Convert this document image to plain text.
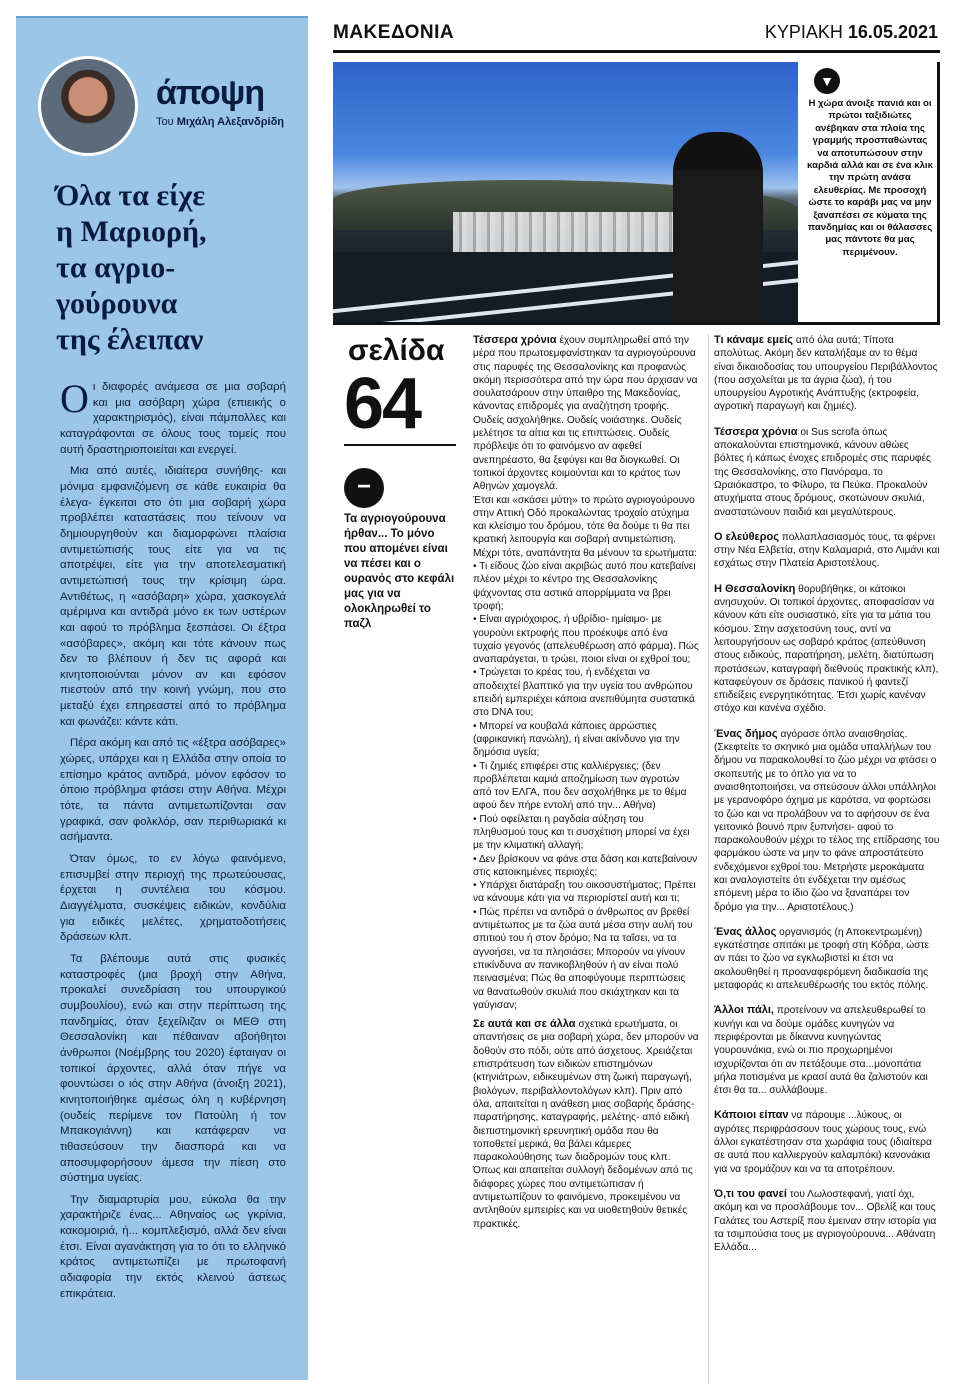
άποψη
Του Μιχάλη Αλεξανδρίδη
Όλα τα είχε
η Μαριορή,
τα αγριο-
γούρουνα
της έλειπαν

Οι διαφορές ανάμεσα σε μια σοβαρή και μια ασόβαρη χώρα (επιεικής ο χαρακτηρισμός), είναι πάμπολλες και καταγράφονται σε όλους τους τομείς που αυτή δραστηριοποιείται και ενεργεί.

Μια από αυτές, ιδιαίτερα συνήθης- και μόνιμα εμφανιζόμενη σε κάθε ευκαιρία θα έλεγα- έγκειται στο ότι μια σοβαρή χώρα προβλέπει καταστάσεις που τείνουν να δημιουργηθούν και διαμορφώνει πλαίσια αντιμετώπισής τους είτε για να τις αποτρέψει, είτε για την αποτελεσματική αντιμετώπισή τους την κρίσιμη ώρα. Αντιθέτως, η «ασόβαρη» χώρα, χασκογελά αμέριμνα και αντιδρά μόνο εκ των υστέρων και αφού το πρόβλημα ξεσπάσει. Οι έξτρα «ασόβαρες», ακόμη και τότε κάνουν πως δεν το βλέπουν ή δεν τις αφορά και κινητοποιούνται μόνον αν και εφόσον πιεστούν από την κοινή γνώμη, που στο μεταξύ έχει επηρεαστεί από το πρόβλημα και φωνάζει: κάντε κάτι.

Πέρα ακόμη και από τις «έξτρα ασόβαρες» χώρες, υπάρχει και η Ελλάδα στην οποία το επίσημο κράτος αντιδρά, μόνον εφόσον το όποιο πρόβλημα φτάσει στην Αθήνα. Μέχρι τότε, τα πάντα αντιμετωπίζονται σαν γραφικά, σαν φολκλόρ, σαν περιθωριακά κι ασήμαντα.

Όταν όμως, το εν λόγω φαινόμενο, επισυμβεί στην περιοχή της πρωτεύουσας, έρχεται η συντέλεια του κόσμου. Διαγγέλματα, συσκέψεις ειδικών, κονδύλια για ειδικές μελέτες, χρηματοδοτήσεις δράσεων κλπ.

Τα βλέπουμε αυτά στις φυσικές καταστροφές (μια βροχή στην Αθήνα, προκαλεί συνεδρίαση του υπουργικού συμβουλίου), ενώ και στην περίπτωση της πανδημίας, όταν ξεχείλιζαν οι ΜΕΘ στη Θεσσαλονίκη και πέθαιναν αβοήθητοι άνθρωποι (Νοέμβρης του 2020) έφταιγαν οι τοπικοί άρχοντες, αλλά όταν πήγε να φουντώσει ο ιός στην Αθήνα (άνοιξη 2021), κινητοποιήθηκε αμέσως όλη η κυβέρνηση (ουδείς περίμενε τον Πατούλη ή τον Μπακογιάννη) και κατάφεραν να τιθασεύσουν την διασπορά και να αποσυμφορήσουν άμεσα την πίεση στο σύστημα υγείας.

Την διαμαρτυρία μου, εύκολα θα την χαρακτήριζε ένας... Αθηναίος ως γκρίνια, κακομοιριά, ή... κομπλεξισμό, αλλά δεν είναι έτσι. Είναι αγανάκτηση για το ότι το ελληνικό κράτος αντιμετωπίζει με πρωτοφανή αδιαφορία την εκτός κλεινού άστεως επικράτεια.

ΜΑΚΕΔΟΝΙΑ	ΚΥΡΙΑΚΗ 16.05.2021
▼
Η χώρα άνοιξε πανιά και οι πρώτοι ταξιδιώτες ανέβηκαν στα πλοία της γραμμής προσπαθώντας να αποτυπώσουν στην καρδιά αλλά και σε ένα κλικ την πρώτη ανάσα ελευθερίας. Με προσοχή ώστε το καράβι μας να μην ξαναπέσει σε κύματα της πανδημίας και οι θάλασσες μας πάντοτε θα μας περιμένουν.
σελίδα
64
−
Τα αγριογούρουνα ήρθαν... Το μόνο που απομένει είναι να πέσει και ο ουρανός στο κεφάλι μας για να ολοκληρωθεί το παζλ

Τέσσερα χρόνια έχουν συμπληρωθεί από την μέρα που πρωτοεμφανίστηκαν τα αγριογούρουνα στις παρυφές της Θεσσαλονίκης και προφανώς ακόμη περισσότερα από την ώρα που άρχισαν να σουλατσάρουν στην ύπαιθρο της Μακεδονίας, κάνοντας επιδρομές για αναζήτηση τροφής.

Ουδείς ασχολήθηκε. Ουδείς νοιάστηκε. Ουδείς μελέτησε τα αίτια και τις επιπτώσεις. Ουδείς πρόβλεψε ότι το φαινόμενο αν αφεθεί ανεπηρέαστο, θα ξεφύγει και θα διογκωθεί. Οι τοπικοί άρχοντες κοιμούνται και το κράτος των Αθηνών χαμογελά.

Έτσι και «σκάσει μύτη» το πρώτο αγριογούρουνο στην Αττική Οδό προκαλώντας τροχαίο ατύχημα και κλείσιμο του δρόμου, τότε θα δούμε τι θα πει κρατική λειτουργία και σοβαρή αντιμετώπιση.

Μέχρι τότε, αναπάντητα θα μένουν τα ερωτήματα:

• Τι είδους ζώο είναι ακριβώς αυτό που κατεβαίνει πλέον μέχρι το κέντρο της Θεσσαλονίκης ψάχνοντας στα αστικά απορρίμματα να βρει τροφή;

• Είναι αγριόχοιρος, ή υβρίδιο- ημίαιμο- με γουρούνι εκτροφής που προέκυψε από ένα τυχαίο γεγονός (απελευθέρωση από φάρμα). Πώς αναπαράγεται, τι τρώει, ποιοι είναι οι εχθροί του;

• Τρώγεται το κρέας του, ή ενδέχεται να αποδειχτεί βλαπτικό για την υγεία του ανθρώπου επειδή εμπεριέχει κάποια ανεπιθύμητα συστατικά στο DNA του;

• Μπορεί να κουβαλά κάποιες αρρώστιες (αφρικανική πανώλη), ή είναι ακίνδυνο για την δημόσια υγεία;

• Τι ζημιές επιφέρει στις καλλιέργειες; (δεν προβλέπεται καμιά αποζημίωση των αγροτών από τον ΕΛΓΑ, που δεν ασχολήθηκε με το θέμα αφού δεν πήρε εντολή από την... Αθήνα)

• Πού οφείλεται η ραγδαία αύξηση του πληθυσμού τους και τι συσχέτιση μπορεί να έχει με την κλιματική αλλαγή;

• Δεν βρίσκουν να φάνε στα δάση και κατεβαίνουν στις κατοικημένες περιοχές;

• Υπάρχει διατάραξη του οικοσυστήματος; Πρέπει να κάνουμε κάτι για να περιορίστεί αυτή και τι;

• Πώς πρέπει να αντιδρά ο άνθρωπος αν βρεθεί αντιμέτωπος με τα ζώα αυτά μέσα στην αυλή του σπιτιού του ή στον δρόμο; Να τα ταΐσει, να τα αγνοήσει, να τα πλησιάσει; Μπορούν να γίνουν επικίνδυνα αν πανικοβληθούν ή αν είναι πολύ πεινασμένα; Πώς θα αποφύγουμε περιπτώσεις να θανατωθούν σκυλιά που σκιάχτηκαν και τα γαύγισαν;

Σε αυτά και σε άλλα σχετικά ερωτήματα, οι απαντήσεις σε μια σοβαρή χώρα, δεν μπορούν να δοθούν στο πόδι, ούτε από άσχετους. Χρειάζεται επιστράτευση των ειδικών επιστημόνων (κτηνιάτρων, ειδικευμένων στη ζωική παραγωγή, βιολόγων, περιβαλλοντολόγων κλπ). Πριν από όλα, απαιτείται η ανάθεση μιας σοβαρής δράσης- παρατήρησης, καταγραφής, μελέτης- από ειδική διεπιστημονική ερευνητική ομάδα που θα τοποθετεί μερικά, θα βάλει κάμερες παρακολούθησης των διαδρομών τους κλπ. Όπως και απαιτείται συλλογή δεδομένων από τις διάφορες χώρες που αντιμετώπισαν ή αντιμετωπίζουν το φαινόμενο, προκειμένου να αντληθούν εμπειρίες και να υιοθετηθούν θετικές πρακτικές.

Τι κάναμε εμείς από όλα αυτά; Τίποτα απολύτως. Ακόμη δεν καταλήξαμε αν το θέμα είναι δικαιοδοσίας του υπουργείου Περιβάλλοντος (που ασχολείται με τα άγρια ζώα), ή του υπουργείου Αγροτικής Ανάπτυξης (εκτροφεία, αγροτική παραγωγή και ζημιές).

Τέσσερα χρόνια οι Sus scrofa όπως αποκαλούνται επιστημονικά, κάνουν αθώες βόλτες ή κάπως ένοχες επιδρομές στις παρυφές της Θεσσαλονίκης, στο Πανόραμα, το Ωραιόκαστρο, το Φίλυρο, τα Πεύκα. Προκαλούν ατυχήματα στους δρόμους, σκοτώνουν σκυλιά, αναστατώνουν παιδιά και μεγαλύτερους.

Ο ελεύθερος πολλαπλασιασμός τους, τα φέρνει στην Νέα Ελβετία, στην Καλαμαριά, στο Λιμάνι και εσχάτως στην Πλατεία Αριστοτέλους.

Η Θεσσαλονίκη θορυβήθηκε, οι κάτοικοι ανησυχούν. Οι τοπικοί άρχοντες, αποφασίσαν να κάνουν κάτι είτε ουσιαστικό, είτε για τα μάτια του κόσμου. Στην ασχετοσύνη τους, αντί να λειτουργήσουν ως σοβαρό κράτος (απεύθυνση στους ειδικούς, παρατήρηση, μελέτη, διατύπωση προτάσεων, καταγραφή διεθνούς πρακτικής κλπ), καταφεύγουν σε δράσεις πανικού ή φαντεζί επιδείξεις ενεργητικότητας. Έτσι χωρίς κανέναν στόχο και κανένα σχέδιο.

Ένας δήμος αγόρασε όπλο αναισθησίας. (Σκεφτείτε το σκηνικό μια ομάδα υπαλλήλων του δήμου να παρακολουθεί το ζώο μέχρι να φτάσει ο σκοπευτής με το όπλο για να το αναισθητοποιήσει, να σπεύσουν άλλοι υπάλληλοι με γερανοφόρο όχημα με καρότσα, να φορτώσει το ζώο και να προλάβουν να το αφήσουν σε ένα γειτονικό βουνό πριν ξυπνήσει- αφού το παρακολουθούν μέχρι το τέλος της επίδρασης του φαρμάκου ώστε να μην το φάνε απροστάτευτο ενδεχόμενοι εχθροί του. Μετρήστε μεροκάματα και αναλογιστείτε ότι ενδέχεται την αμέσως επόμενη μέρα το ίδιο ζώο να ξαναπάρει τον δρόμο για την... Αριστοτέλους.)

Ένας άλλος οργανισμός (η Αποκεντρωμένη) εγκατέστησε σπιτάκι με τροφή στη Κόδρα, ώστε αν πάει το ζώο να εγκλωβιστεί κι έτσι να ακολουθηθεί η προαναφερόμενη διαδικασία της μεταφοράς κι απελευθέρωσής του εκτός πόλης.

Άλλοι πάλι, προτείνουν να απελευθερωθεί το κυνήγι και να δούμε ομάδες κυνηγών να περιφέρονται με δίκαννα κυνηγώντας γουρουνάκια, ενώ οι πιο προχωρημένοι ισχυρίζονται ότι αν πετάξουμε στα...μονοπάτια μήλα ποτισμένα με κρασί αυτά θα ζαλιστούν και έτσι θα τα... συλλάβουμε.

Κάποιοι είπαν να πάρουμε ...λύκους, οι αγρότες περιφράσσουν τους χώρους τους, ενώ άλλοι εγκατέστησαν στα χωράφια τους (ιδιαίτερα σε αυτά που καλλιεργούν καλαμπόκι) κανονάκια για να τρομάζουν και να τα αποτρέπουν.

Ό,τι του φανεί του Λωλοστεφανή, γιατί όχι, ακόμη και να προσλάβουμε τον... Οβελίξ και τους Γαλάτες του Αστερίξ που έμειναν στην ιστορία για τα τσιμπούσια τους με αγριογούρουνα... Αθάνατη Ελλάδα...
